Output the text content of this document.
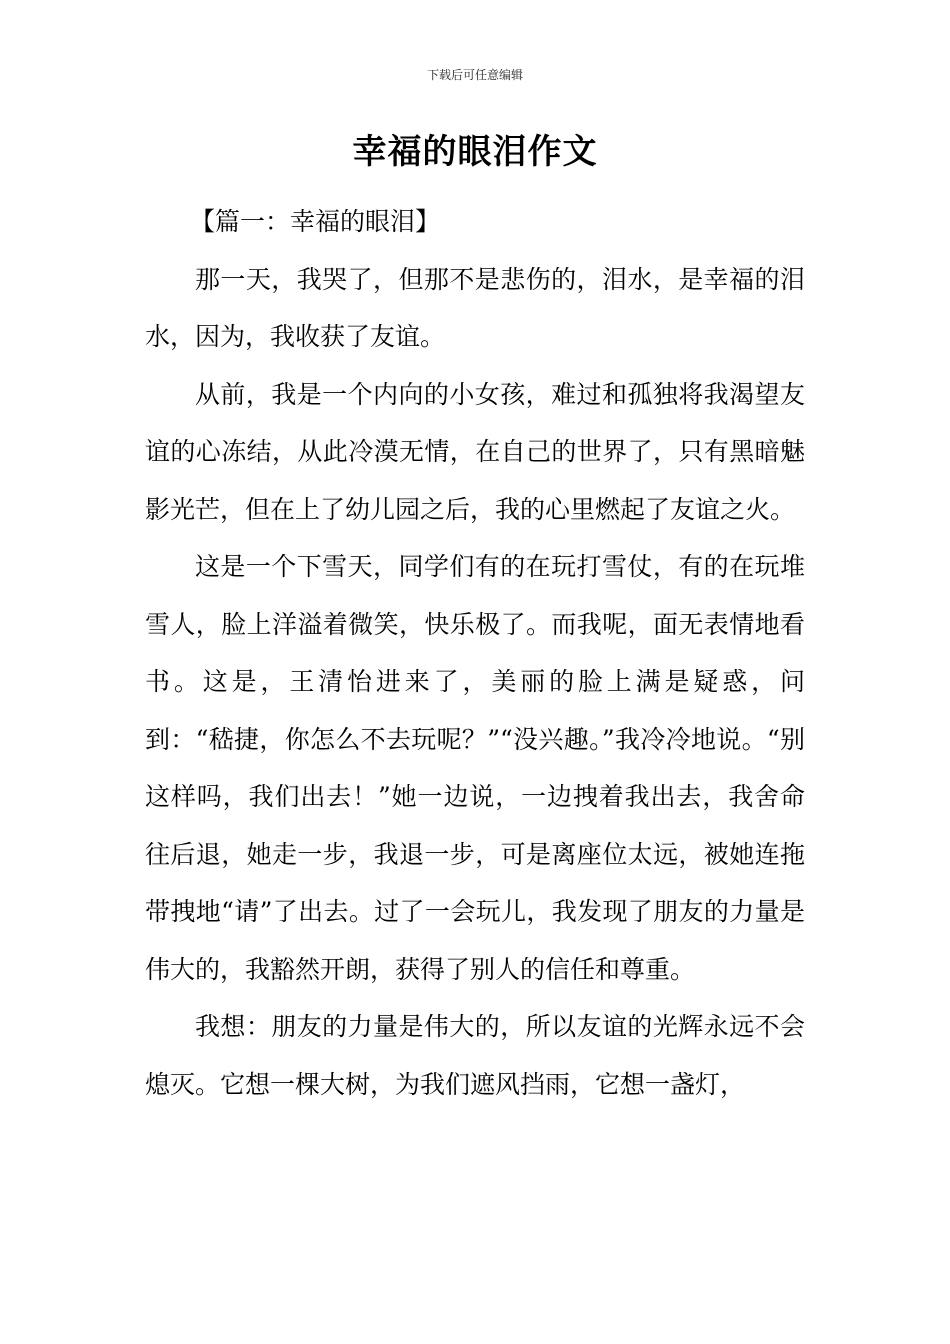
下载后可任意编辑
幸福的眼泪作文

【篇一：幸福的眼泪】

那一天，我哭了，但那不是悲伤的，泪水，是幸福的泪水，因为，我收获了友谊。

从前，我是一个内向的小女孩，难过和孤独将我渴望友谊的心冻结，从此冷漠无情，在自己的世界了，只有黑暗魅影光芒，但在上了幼儿园之后，我的心里燃起了友谊之火。

这是一个下雪天，同学们有的在玩打雪仗，有的在玩堆雪人，脸上洋溢着微笑，快乐极了。而我呢，面无表情地看书。这是，王清怡进来了，美丽的脸上满是疑惑，问到：“嵇捷，你怎么不去玩呢？”“没兴趣。”我冷冷地说。“别这样吗，我们出去！”她一边说，一边拽着我出去，我舍命往后退，她走一步，我退一步，可是离座位太远，被她连拖带拽地“请”了出去。过了一会玩儿，我发现了朋友的力量是伟大的，我豁然开朗，获得了别人的信任和尊重。

我想：朋友的力量是伟大的，所以友谊的光辉永远不会熄灭。它想一棵大树，为我们遮风挡雨，它想一盏灯，
